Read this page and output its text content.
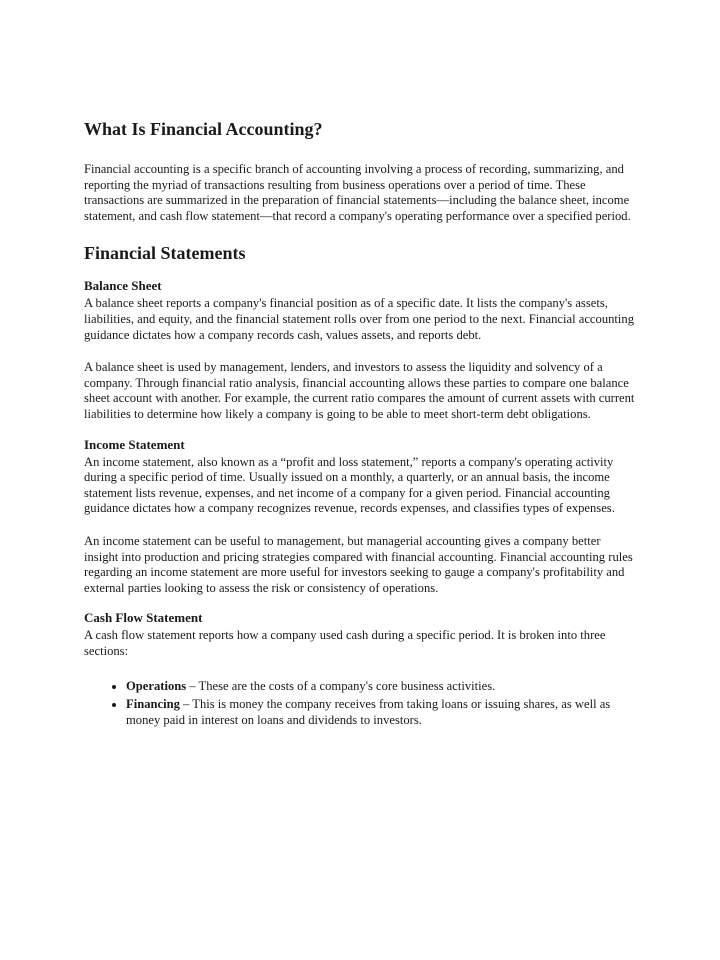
What Is Financial Accounting?

Financial accounting is a specific branch of accounting involving a process of recording, summarizing, and reporting the myriad of transactions resulting from business operations over a period of time. These transactions are summarized in the preparation of financial statements—including the balance sheet, income statement, and cash flow statement—that record a company's operating performance over a specified period.

Financial Statements
Balance Sheet

A balance sheet reports a company's financial position as of a specific date. It lists the company's assets, liabilities, and equity, and the financial statement rolls over from one period to the next. Financial accounting guidance dictates how a company records cash, values assets, and reports debt.

A balance sheet is used by management, lenders, and investors to assess the liquidity and solvency of a company. Through financial ratio analysis, financial accounting allows these parties to compare one balance sheet account with another. For example, the current ratio compares the amount of current assets with current liabilities to determine how likely a company is going to be able to meet short-term debt obligations.

Income Statement

An income statement, also known as a “profit and loss statement,” reports a company's operating activity during a specific period of time. Usually issued on a monthly, a quarterly, or an annual basis, the income statement lists revenue, expenses, and net income of a company for a given period. Financial accounting guidance dictates how a company recognizes revenue, records expenses, and classifies types of expenses.

An income statement can be useful to management, but managerial accounting gives a company better insight into production and pricing strategies compared with financial accounting. Financial accounting rules regarding an income statement are more useful for investors seeking to gauge a company's profitability and external parties looking to assess the risk or consistency of operations.

Cash Flow Statement

A cash flow statement reports how a company used cash during a specific period. It is broken into three sections:

• Operations – These are the costs of a company's core business activities.
• Financing – This is money the company receives from taking loans or issuing shares, as well as money paid in interest on loans and dividends to investors.
